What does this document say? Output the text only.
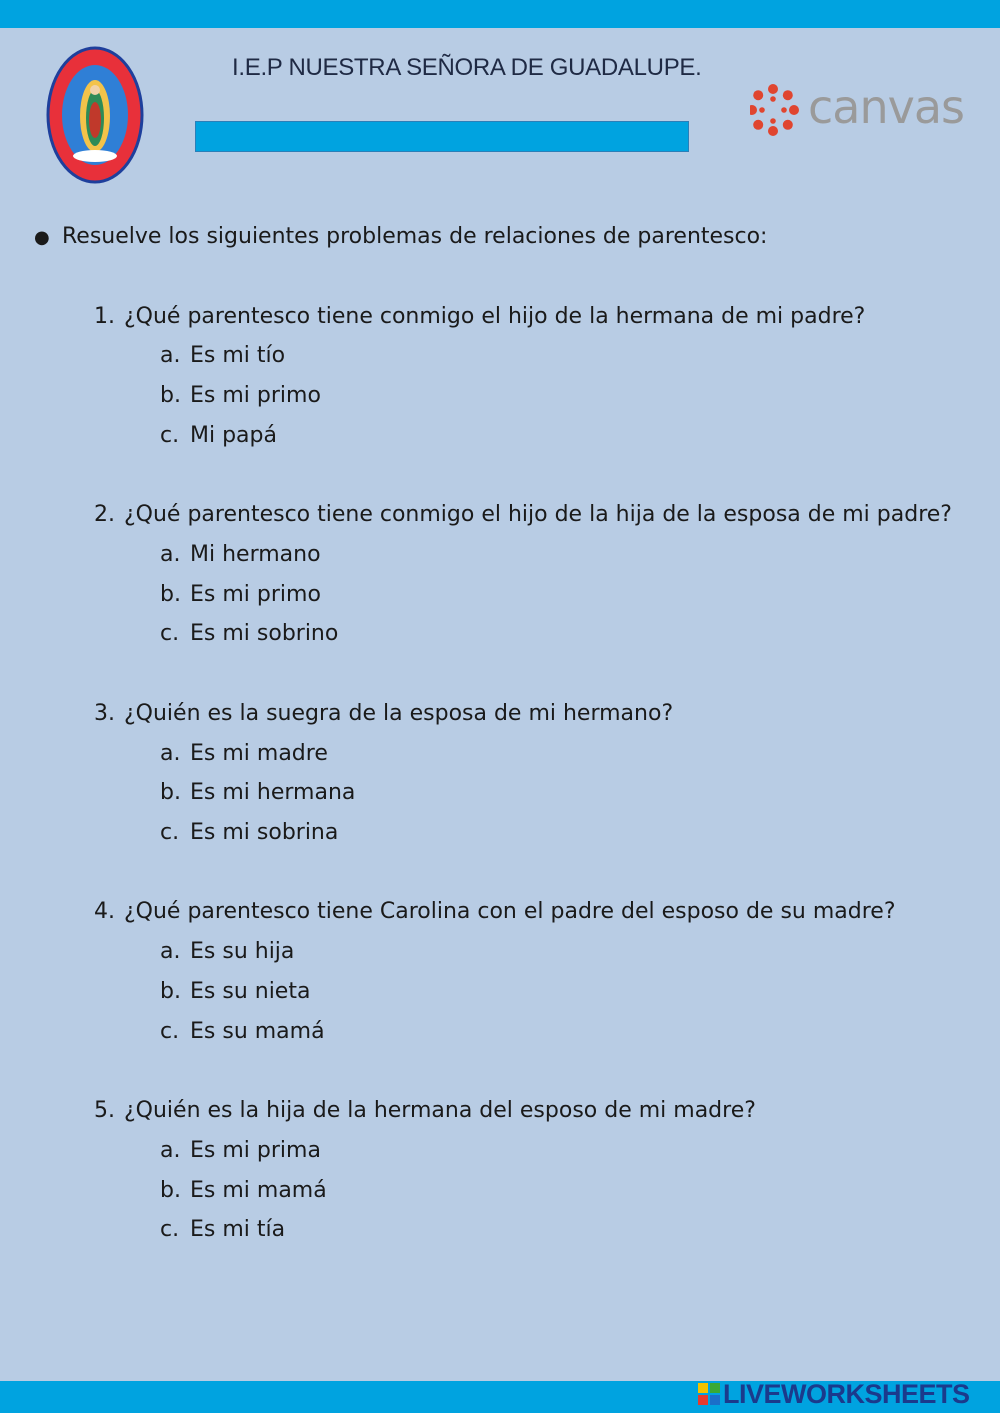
I.E.P NUESTRA SEÑORA DE GUADALUPE.
canvas
● Resuelve los siguientes problemas de relaciones de parentesco:
1. ¿Qué parentesco tiene conmigo el hijo de la hermana de mi padre?
a. Es mi tío
b. Es mi primo
c. Mi papá
2. ¿Qué parentesco tiene conmigo el hijo de la hija de la esposa de mi padre?
a. Mi hermano
b. Es mi primo
c. Es mi sobrino
3. ¿Quién es la suegra de la esposa de mi hermano?
a. Es mi madre
b. Es mi hermana
c. Es mi sobrina
4. ¿Qué parentesco tiene Carolina con el padre del esposo de su madre?
a. Es su hija
b. Es su nieta
c. Es su mamá
5. ¿Quién es la hija de la hermana del esposo de mi madre?
a. Es mi prima
b. Es mi mamá
c. Es mi tía
LIVEWORKSHEETS
